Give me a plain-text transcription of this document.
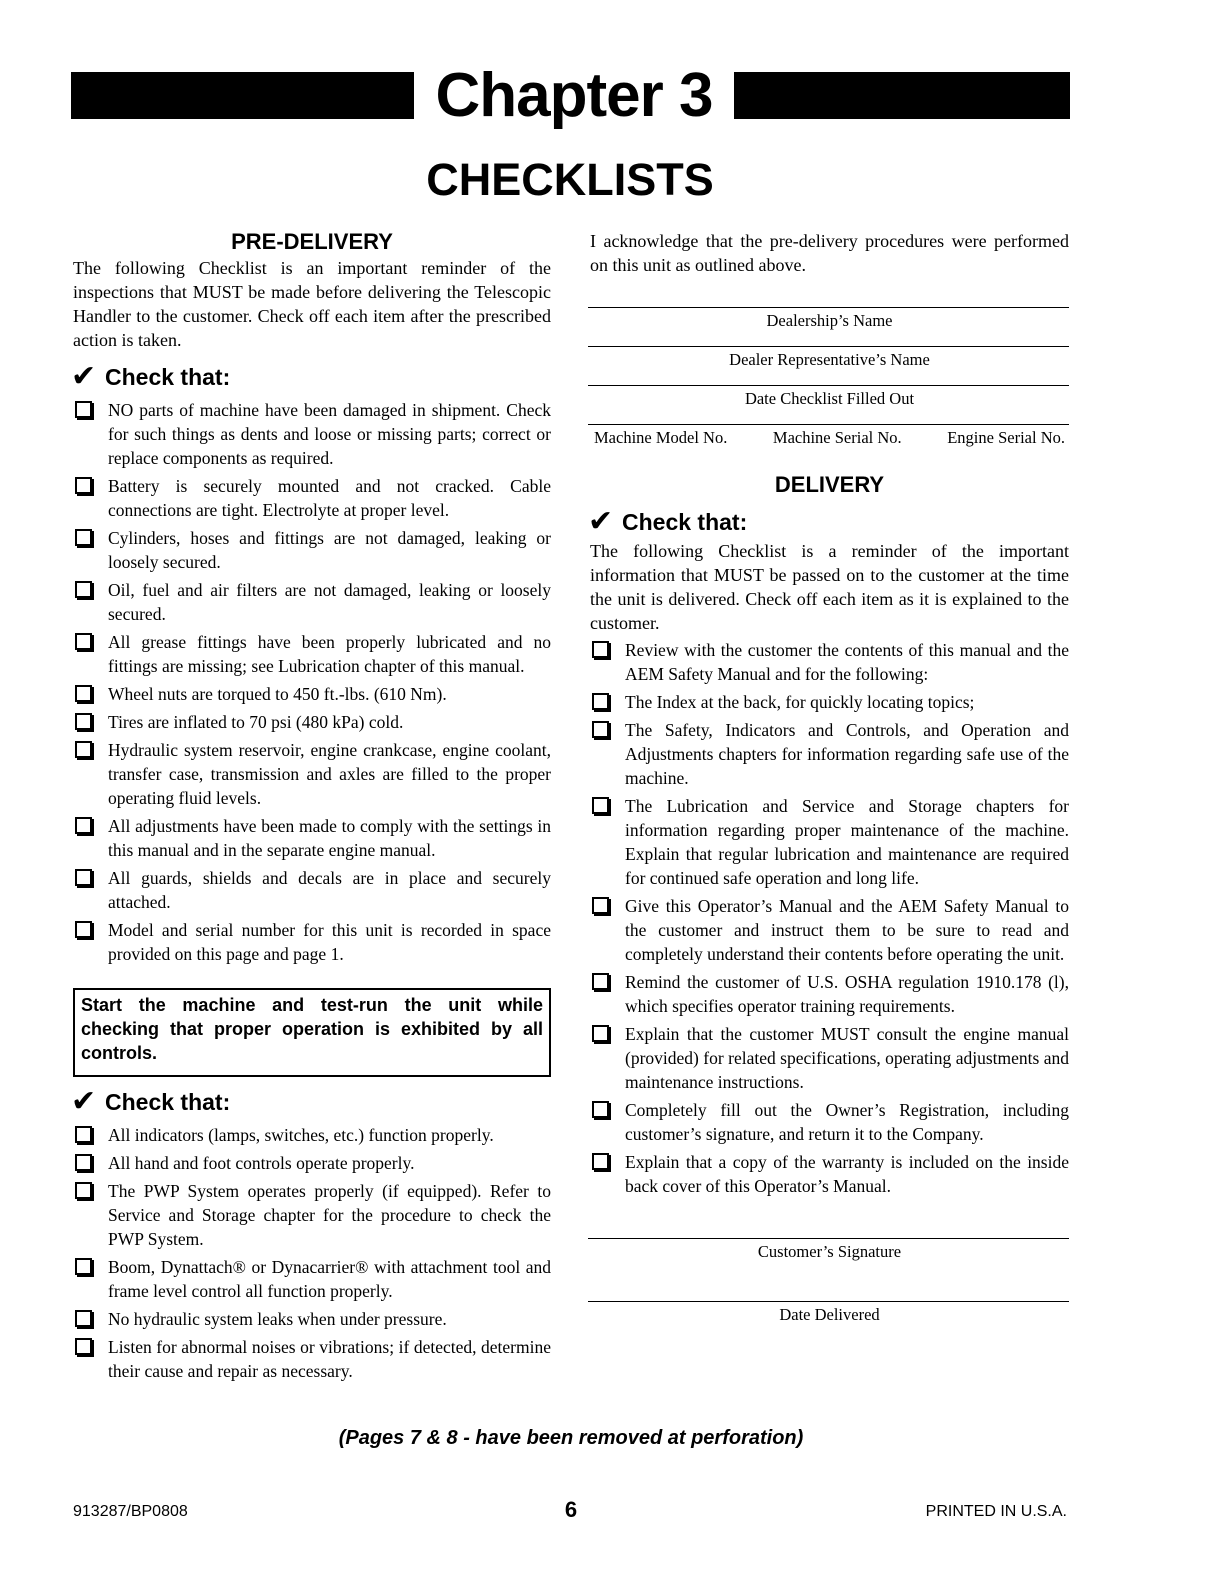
Chapter 3
CHECKLISTS
PRE-DELIVERY

The following Checklist is an important reminder of the inspections that MUST be made before delivering the Telescopic Handler to the customer. Check off each item after the prescribed action is taken.

✔ Check that:
NO parts of machine have been damaged in shipment. Check for such things as dents and loose or missing parts; correct or replace components as required.
Battery is securely mounted and not cracked. Cable connections are tight. Electrolyte at proper level.
Cylinders, hoses and fittings are not damaged, leaking or loosely secured.
Oil, fuel and air filters are not damaged, leaking or loosely secured.
All grease fittings have been properly lubricated and no fittings are missing; see Lubrication chapter of this manual.
Wheel nuts are torqued to 450 ft.-lbs. (610 Nm).
Tires are inflated to 70 psi (480 kPa) cold.
Hydraulic system reservoir, engine crankcase, engine coolant, transfer case, transmission and axles are filled to the proper operating fluid levels.
All adjustments have been made to comply with the settings in this manual and in the separate engine manual.
All guards, shields and decals are in place and securely attached.
Model and serial number for this unit is recorded in space provided on this page and page 1.
Start the machine and test-run the unit while checking that proper operation is exhibited by all controls.
✔ Check that:
All indicators (lamps, switches, etc.) function properly.
All hand and foot controls operate properly.
The PWP System operates properly (if equipped). Refer to Service and Storage chapter for the procedure to check the PWP System.
Boom, Dynattach® or Dynacarrier® with attachment tool and frame level control all function properly.
No hydraulic system leaks when under pressure.
Listen for abnormal noises or vibrations; if detected, determine their cause and repair as necessary.

I acknowledge that the pre-delivery procedures were performed on this unit as outlined above.

Dealership’s Name
Dealer Representative’s Name
Date Checklist Filled Out
Machine Model No.	Machine Serial No.	Engine Serial No.
DELIVERY
✔ Check that:

The following Checklist is a reminder of the important information that MUST be passed on to the customer at the time the unit is delivered. Check off each item as it is explained to the customer.

Review with the customer the contents of this manual and the AEM Safety Manual and for the following:
The Index at the back, for quickly locating topics;
The Safety, Indicators and Controls, and Operation and Adjustments chapters for information regarding safe use of the machine.
The Lubrication and Service and Storage chapters for information regarding proper maintenance of the machine. Explain that regular lubrication and maintenance are required for continued safe operation and long life.
Give this Operator’s Manual and the AEM Safety Manual to the customer and instruct them to be sure to read and completely understand their contents before operating the unit.
Remind the customer of U.S. OSHA regulation 1910.178 (l), which specifies operator training requirements.
Explain that the customer MUST consult the engine manual (provided) for related specifications, operating adjustments and maintenance instructions.
Completely fill out the Owner’s Registration, including customer’s signature, and return it to the Company.
Explain that a copy of the warranty is included on the inside back cover of this Operator’s Manual.
Customer’s Signature
Date Delivered
(Pages 7 & 8 - have been removed at perforation)
913287/BP0808	6	PRINTED IN U.S.A.
